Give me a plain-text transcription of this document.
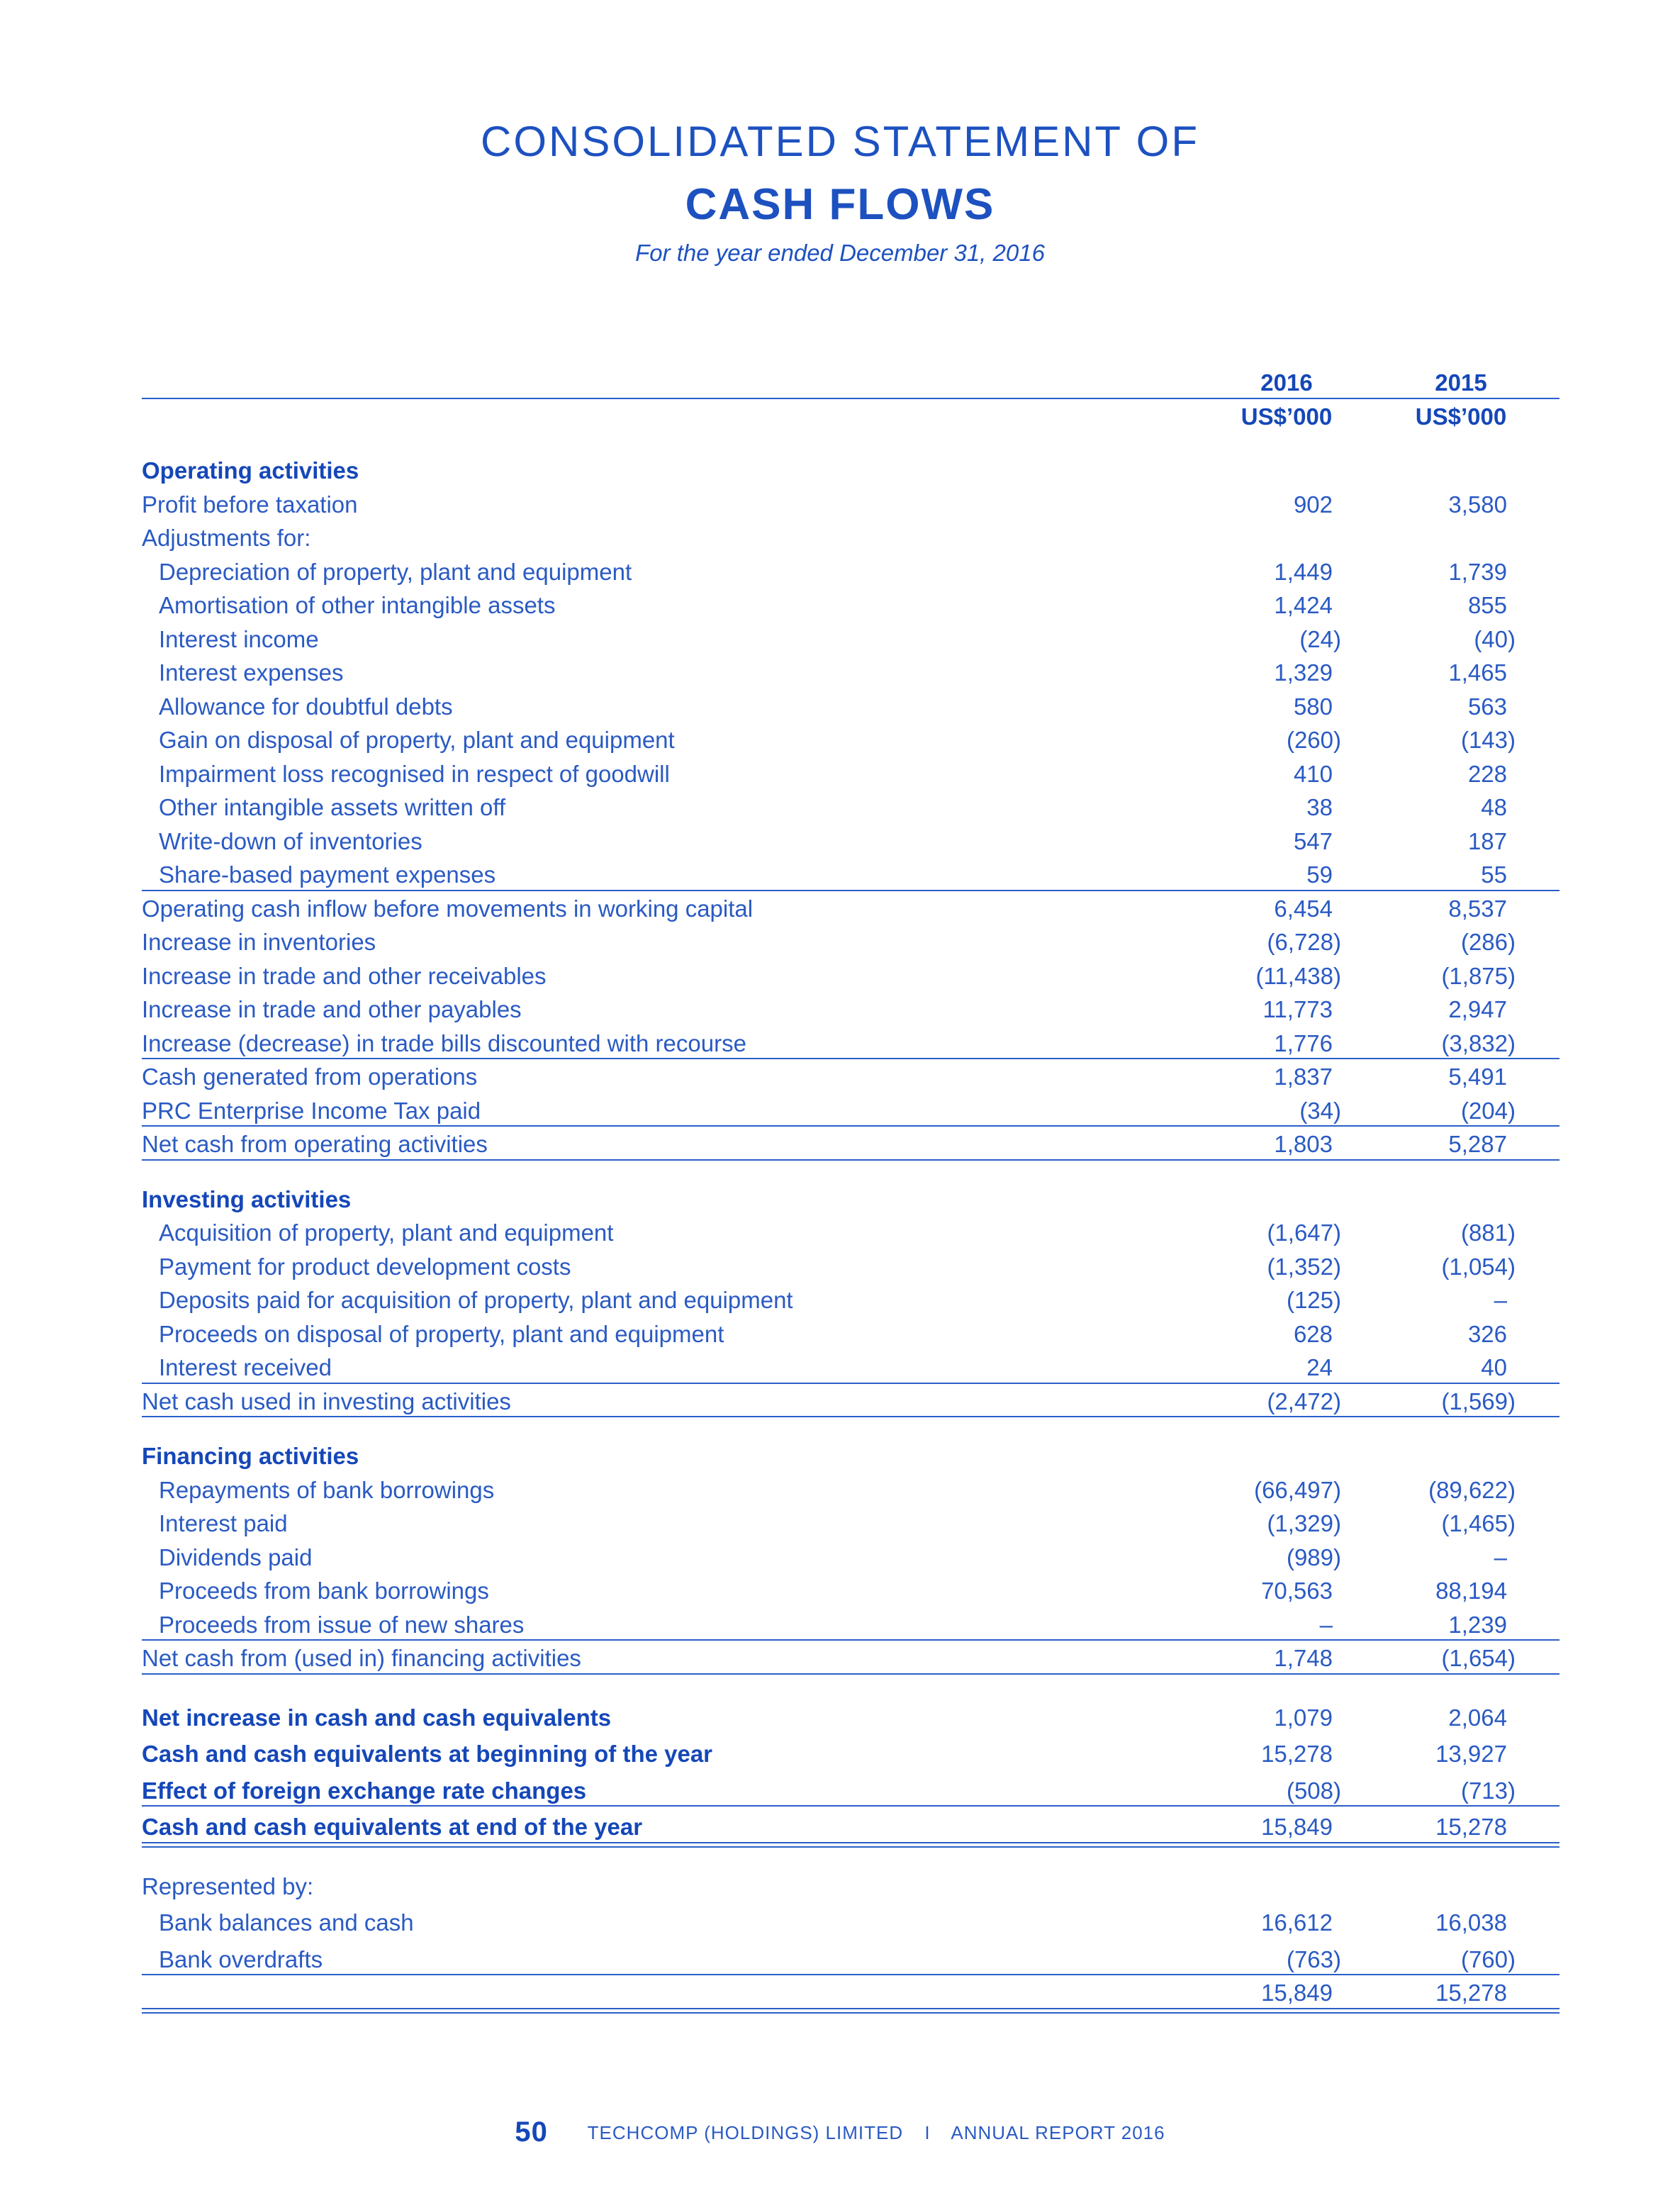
CONSOLIDATED STATEMENT OF
CASH FLOWS
For the year ended December 31, 2016
2016	2015
US$’000	US$’000
Operating activities
Profit before taxation	902	3,580
Adjustments for:
Depreciation of property, plant and equipment	1,449	1,739
Amortisation of other intangible assets	1,424	855
Interest income	(24)	(40)
Interest expenses	1,329	1,465
Allowance for doubtful debts	580	563
Gain on disposal of property, plant and equipment	(260)	(143)
Impairment loss recognised in respect of goodwill	410	228
Other intangible assets written off	38	48
Write-down of inventories	547	187
Share-based payment expenses	59	55
Operating cash inflow before movements in working capital	6,454	8,537
Increase in inventories	(6,728)	(286)
Increase in trade and other receivables	(11,438)	(1,875)
Increase in trade and other payables	11,773	2,947
Increase (decrease) in trade bills discounted with recourse	1,776	(3,832)
Cash generated from operations	1,837	5,491
PRC Enterprise Income Tax paid	(34)	(204)
Net cash from operating activities	1,803	5,287
Investing activities
Acquisition of property, plant and equipment	(1,647)	(881)
Payment for product development costs	(1,352)	(1,054)
Deposits paid for acquisition of property, plant and equipment	(125)	–
Proceeds on disposal of property, plant and equipment	628	326
Interest received	24	40
Net cash used in investing activities	(2,472)	(1,569)
Financing activities
Repayments of bank borrowings	(66,497)	(89,622)
Interest paid	(1,329)	(1,465)
Dividends paid	(989)	–
Proceeds from bank borrowings	70,563	88,194
Proceeds from issue of new shares	–	1,239
Net cash from (used in) financing activities	1,748	(1,654)
Net increase in cash and cash equivalents	1,079	2,064
Cash and cash equivalents at beginning of the year	15,278	13,927
Effect of foreign exchange rate changes	(508)	(713)
Cash and cash equivalents at end of the year	15,849	15,278
Represented by:
Bank balances and cash	16,612	16,038
Bank overdrafts	(763)	(760)
15,849	15,278
50 TECHCOMP (HOLDINGS) LIMITED I ANNUAL REPORT 2016
